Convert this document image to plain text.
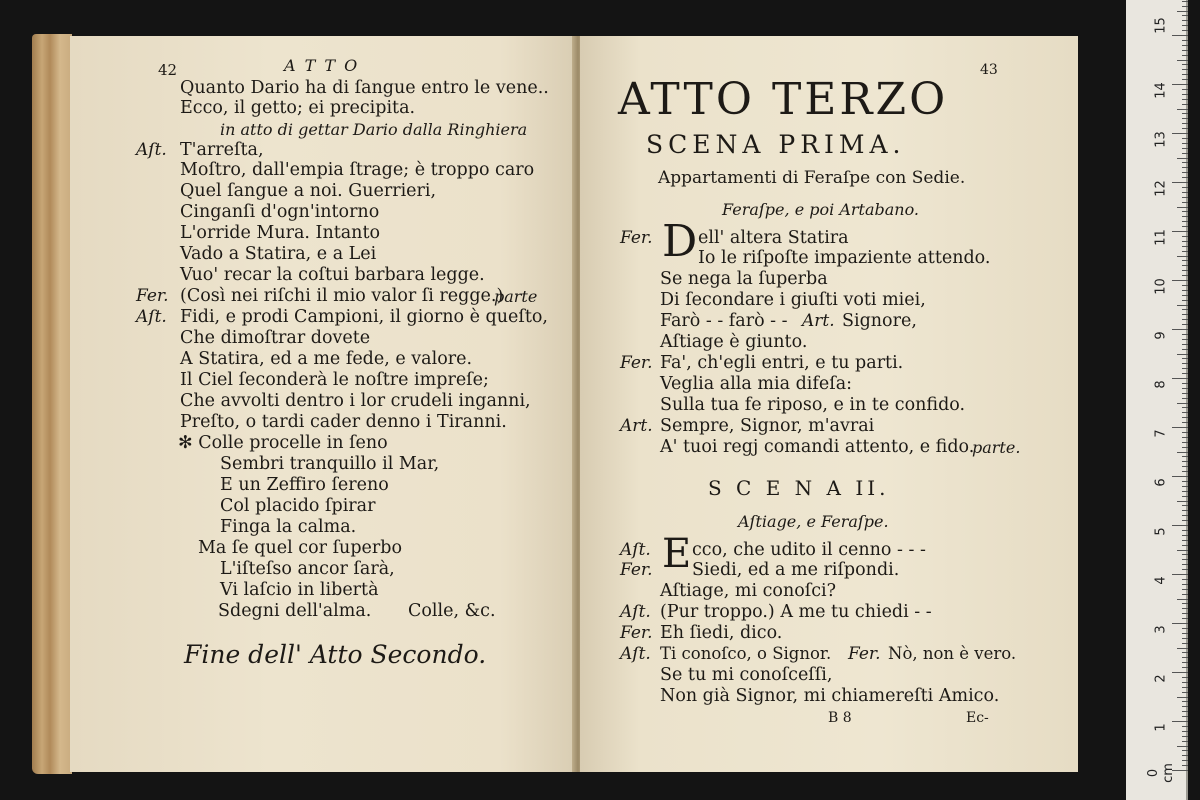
42	A T T O
Quanto Dario ha di ſangue entro le vene..
Ecco, il getto; ei precipita.
in atto di gettar Dario dalla Ringhiera
Aſt. T'arreſta,
Moſtro, dall'empia ſtrage; è troppo caro
Quel ſangue a noi. Guerrieri,
Cinganſi d'ogn'intorno
L'orride Mura. Intanto
Vado a Statira, e a Lei
Vuo' recar la coſtui barbara legge.
Fer. (Così nei riſchi il mio valor ſi regge.)
parte
Aſt. Fidi, e prodi Campioni, il giorno è queſto,
Che dimoſtrar dovete
A Statira, ed a me fede, e valore.
Il Ciel ſeconderà le noſtre impreſe;
Che avvolti dentro i lor crudeli inganni,
Preſto, o tardi cader denno i Tiranni.
✻ Colle procelle in ſeno
Sembri tranquillo il Mar,
E un Zeffiro ſereno
Col placido ſpirar
Finga la calma.
Ma ſe quel cor ſuperbo
L'iſteſso ancor ſarà,
Vi laſcio in libertà
Sdegni dell'alma. Colle, &c.
Fine dell' Atto Secondo.
43
ATTO TERZO
SCENA PRIMA.
Appartamenti di Feraſpe con Sedie.
Feraſpe, e poi Artabano.
Fer. D ell' altera Statira
Io le riſpoſte impaziente attendo.
Se nega la ſuperba
Di ſecondare i giuſti voti miei,
Farò - - farò - - Art. Signore,
Aſtiage è giunto.
Fer. Fa', ch'egli entri, e tu parti.
Veglia alla mia difeſa:
Sulla tua fe riposo, e in te confido.
Art. Sempre, Signor, m'avrai
A' tuoi regj comandi attento, e fido.
parte.
S C E N A II.
Aſtiage, e Feraſpe.
Aſt. E cco, che udito il cenno - - -
Fer. Siedi, ed a me riſpondi.
Aſtiage, mi conoſci?
Aſt. (Pur troppo.) A me tu chiedi - -
Fer. Eh ſiedi, dico.
Aſt. Ti conoſco, o Signor. Fer. Nò, non è vero.
Se tu mi conoſceſſi,
Non già Signor, mi chiamereſti Amico.
B 8	Ec-
0 cm
1
2
3
4
5
6
7
8
9
10
11
12
13
14
15
